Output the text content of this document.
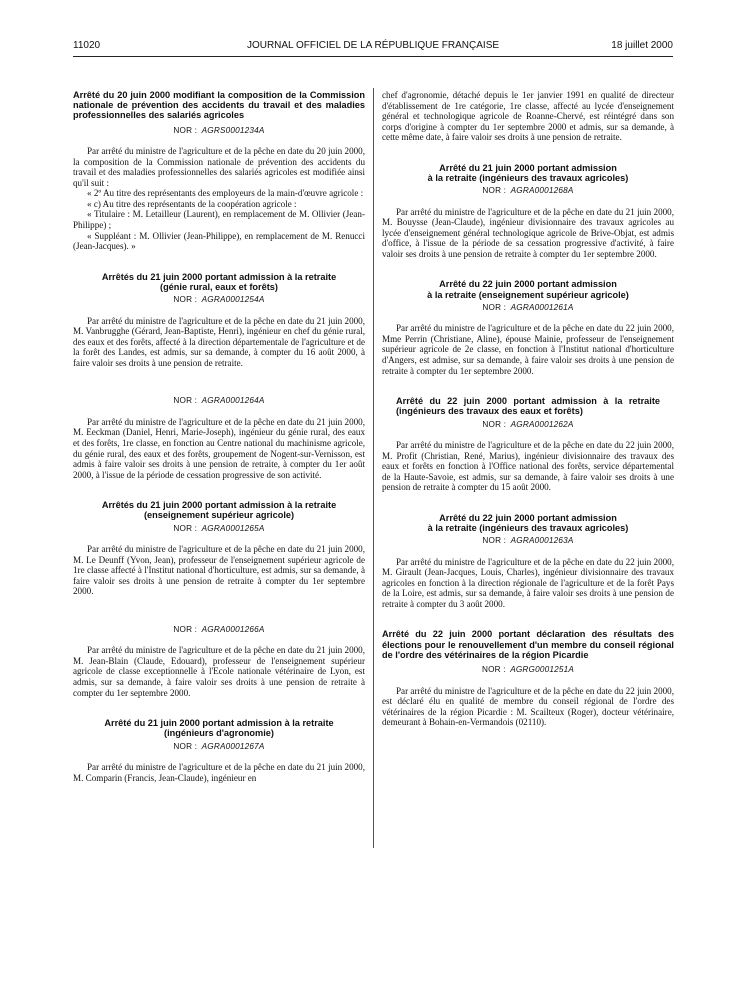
11020	JOURNAL OFFICIEL DE LA RÉPUBLIQUE FRANÇAISE	18 juillet 2000
Arrêté du 20 juin 2000 modifiant la composition de la Commission nationale de prévention des accidents du travail et des maladies professionnelles des salariés agricoles
NOR : AGRS0001234A

Par arrêté du ministre de l'agriculture et de la pêche en date du 20 juin 2000, la composition de la Commission nationale de prévention des accidents du travail et des maladies professionnelles des salariés agricoles est modifiée ainsi qu'il suit :

« 2º Au titre des représentants des employeurs de la main-d'œuvre agricole :

« c) Au titre des représentants de la coopération agricole :

« Titulaire : M. Letailleur (Laurent), en remplacement de M. Ollivier (Jean-Philippe) ;

« Suppléant : M. Ollivier (Jean-Philippe), en remplacement de M. Renucci (Jean-Jacques). »

Arrêtés du 21 juin 2000 portant admission à la retraite
(génie rural, eaux et forêts)
NOR : AGRA0001254A

Par arrêté du ministre de l'agriculture et de la pêche en date du 21 juin 2000, M. Vanbrugghe (Gérard, Jean-Baptiste, Henri), ingénieur en chef du génie rural, des eaux et des forêts, affecté à la direction départementale de l'agriculture et de la forêt des Landes, est admis, sur sa demande, à compter du 16 août 2000, à faire valoir ses droits à une pension de retraite.

NOR : AGRA0001264A

Par arrêté du ministre de l'agriculture et de la pêche en date du 21 juin 2000, M. Eeckman (Daniel, Henri, Marie-Joseph), ingénieur du génie rural, des eaux et des forêts, 1re classe, en fonction au Centre national du machinisme agricole, du génie rural, des eaux et des forêts, groupement de Nogent-sur-Vernisson, est admis à faire valoir ses droits à une pension de retraite, à compter du 1er août 2000, à l'issue de la période de cessation progressive de son activité.

Arrêtés du 21 juin 2000 portant admission à la retraite
(enseignement supérieur agricole)
NOR : AGRA0001265A

Par arrêté du ministre de l'agriculture et de la pêche en date du 21 juin 2000, M. Le Deunff (Yvon, Jean), professeur de l'enseignement supérieur agricole de 1re classe affecté à l'Institut national d'horticulture, est admis, sur sa demande, à faire valoir ses droits à une pension de retraite à compter du 1er septembre 2000.

NOR : AGRA0001266A

Par arrêté du ministre de l'agriculture et de la pêche en date du 21 juin 2000, M. Jean-Blain (Claude, Edouard), professeur de l'enseignement supérieur agricole de classe exceptionnelle à l'Ecole nationale vétérinaire de Lyon, est admis, sur sa demande, à faire valoir ses droits à une pension de retraite à compter du 1er septembre 2000.

Arrêté du 21 juin 2000 portant admission à la retraite
(ingénieurs d'agronomie)
NOR : AGRA0001267A

Par arrêté du ministre de l'agriculture et de la pêche en date du 21 juin 2000, M. Comparin (Francis, Jean-Claude), ingénieur en

chef d'agronomie, détaché depuis le 1er janvier 1991 en qualité de directeur d'établissement de 1re catégorie, 1re classe, affecté au lycée d'enseignement général et technologique agricole de Roanne-Chervé, est réintégré dans son corps d'origine à compter du 1er septembre 2000 et admis, sur sa demande, à cette même date, à faire valoir ses droits à une pension de retraite.

Arrêté du 21 juin 2000 portant admission
à la retraite (ingénieurs des travaux agricoles)
NOR : AGRA0001268A

Par arrêté du ministre de l'agriculture et de la pêche en date du 21 juin 2000, M. Bouysse (Jean-Claude), ingénieur divisionnaire des travaux agricoles au lycée d'enseignement général technologique agricole de Brive-Objat, est admis d'office, à l'issue de la période de sa cessation progressive d'activité, à faire valoir ses droits à une pension de retraite à compter du 1er septembre 2000.

Arrêté du 22 juin 2000 portant admission
à la retraite (enseignement supérieur agricole)
NOR : AGRA0001261A

Par arrêté du ministre de l'agriculture et de la pêche en date du 22 juin 2000, Mme Perrin (Christiane, Aline), épouse Mainie, professeur de l'enseignement supérieur agricole de 2e classe, en fonction à l'Institut national d'horticulture d'Angers, est admise, sur sa demande, à faire valoir ses droits à une pension de retraite à compter du 1er septembre 2000.

Arrêté du 22 juin 2000 portant admission à la retraite (ingénieurs des travaux des eaux et forêts)
NOR : AGRA0001262A

Par arrêté du ministre de l'agriculture et de la pêche en date du 22 juin 2000, M. Profit (Christian, René, Marius), ingénieur divisionnaire des travaux des eaux et forêts en fonction à l'Office national des forêts, service départemental de la Haute-Savoie, est admis, sur sa demande, à faire valoir ses droits à une pension de retraite à compter du 15 août 2000.

Arrêté du 22 juin 2000 portant admission
à la retraite (ingénieurs des travaux agricoles)
NOR : AGRA0001263A

Par arrêté du ministre de l'agriculture et de la pêche en date du 22 juin 2000, M. Girault (Jean-Jacques, Louis, Charles), ingénieur divisionnaire des travaux agricoles en fonction à la direction régionale de l'agriculture et de la forêt Pays de la Loire, est admis, sur sa demande, à faire valoir ses droits à une pension de retraite à compter du 3 août 2000.

Arrêté du 22 juin 2000 portant déclaration des résultats des élections pour le renouvellement d'un membre du conseil régional de l'ordre des vétérinaires de la région Picardie
NOR : AGRG0001251A

Par arrêté du ministre de l'agriculture et de la pêche en date du 22 juin 2000, est déclaré élu en qualité de membre du conseil régional de l'ordre des vétérinaires de la région Picardie : M. Scailteux (Roger), docteur vétérinaire, demeurant à Bohain-en-Vermandois (02110).
